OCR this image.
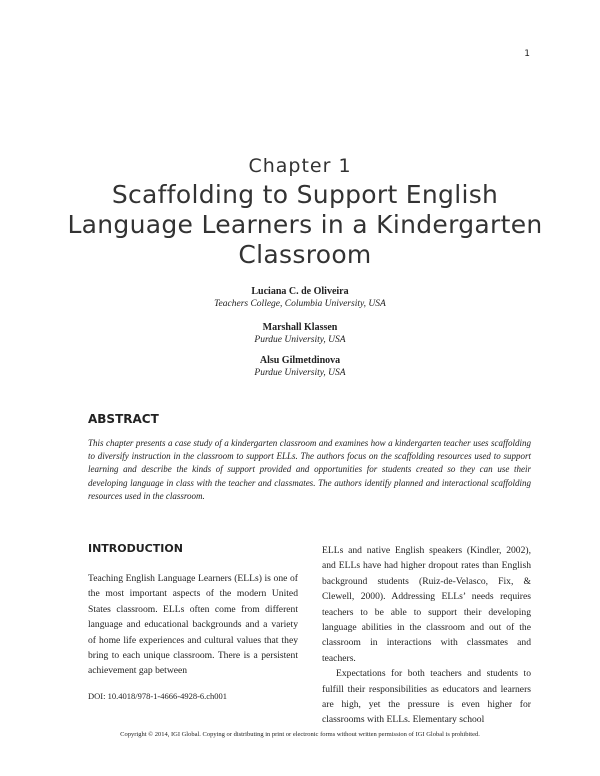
1
Chapter 1
Scaffolding to Support English Language Learners in a Kindergarten Classroom
Luciana C. de Oliveira
Teachers College, Columbia University, USA
Marshall Klassen
Purdue University, USA
Alsu Gilmetdinova
Purdue University, USA
ABSTRACT
This chapter presents a case study of a kindergarten classroom and examines how a kindergarten teacher uses scaffolding to diversify instruction in the classroom to support ELLs. The authors focus on the scaffolding resources used to support learning and describe the kinds of support provided and opportunities for students created so they can use their developing language in class with the teacher and classmates. The authors identify planned and interactional scaffolding resources used in the classroom.
INTRODUCTION

Teaching English Language Learners (ELLs) is one of the most important aspects of the modern United States classroom. ELLs often come from different language and educational backgrounds and a variety of home life experiences and cultural values that they bring to each unique classroom. There is a persistent achievement gap between

ELLs and native English speakers (Kindler, 2002), and ELLs have had higher dropout rates than English background students (Ruiz-de-Velasco, Fix, & Clewell, 2000). Addressing ELLs’ needs requires teachers to be able to support their developing language abilities in the classroom and out of the classroom in interactions with classmates and teachers.

Expectations for both teachers and students to fulfill their responsibilities as educators and learners are high, yet the pressure is even higher for classrooms with ELLs. Elementary school

DOI: 10.4018/978-1-4666-4928-6.ch001
Copyright © 2014, IGI Global. Copying or distributing in print or electronic forms without written permission of IGI Global is prohibited.
